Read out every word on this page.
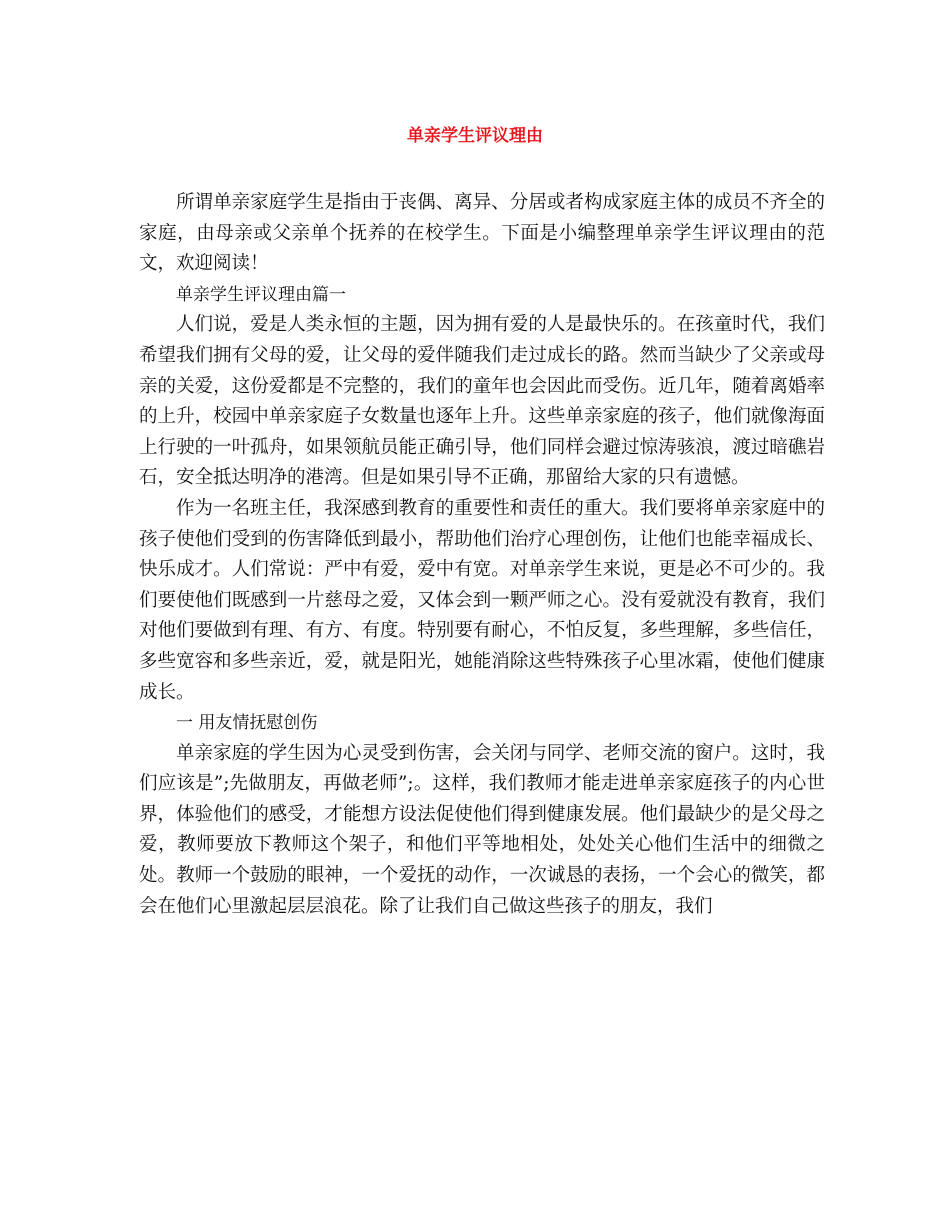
单亲学生评议理由

所谓单亲家庭学生是指由于丧偶、离异、分居或者构成家庭主体的成员不齐全的家庭，由母亲或父亲单个抚养的在校学生。下面是小编整理单亲学生评议理由的范文，欢迎阅读！

单亲学生评议理由篇一

人们说，爱是人类永恒的主题，因为拥有爱的人是最快乐的。在孩童时代，我们希望我们拥有父母的爱，让父母的爱伴随我们走过成长的路。然而当缺少了父亲或母亲的关爱，这份爱都是不完整的，我们的童年也会因此而受伤。近几年，随着离婚率的上升，校园中单亲家庭子女数量也逐年上升。这些单亲家庭的孩子，他们就像海面上行驶的一叶孤舟，如果领航员能正确引导，他们同样会避过惊涛骇浪，渡过暗礁岩石，安全抵达明净的港湾。但是如果引导不正确，那留给大家的只有遗憾。

作为一名班主任，我深感到教育的重要性和责任的重大。我们要将单亲家庭中的孩子使他们受到的伤害降低到最小，帮助他们治疗心理创伤，让他们也能幸福成长、快乐成才。人们常说：严中有爱，爱中有宽。对单亲学生来说，更是必不可少的。我们要使他们既感到一片慈母之爱，又体会到一颗严师之心。没有爱就没有教育，我们对他们要做到有理、有方、有度。特别要有耐心，不怕反复，多些理解，多些信任，多些宽容和多些亲近，爱，就是阳光，她能消除这些特殊孩子心里冰霜，使他们健康成长。

一 用友情抚慰创伤

单亲家庭的学生因为心灵受到伤害，会关闭与同学、老师交流的窗户。这时，我们应该是”;先做朋友，再做老师”;。这样，我们教师才能走进单亲家庭孩子的内心世界，体验他们的感受，才能想方设法促使他们得到健康发展。他们最缺少的是父母之爱，教师要放下教师这个架子，和他们平等地相处，处处关心他们生活中的细微之处。教师一个鼓励的眼神，一个爱抚的动作，一次诚恳的表扬，一个会心的微笑，都会在他们心里激起层层浪花。除了让我们自己做这些孩子的朋友，我们
